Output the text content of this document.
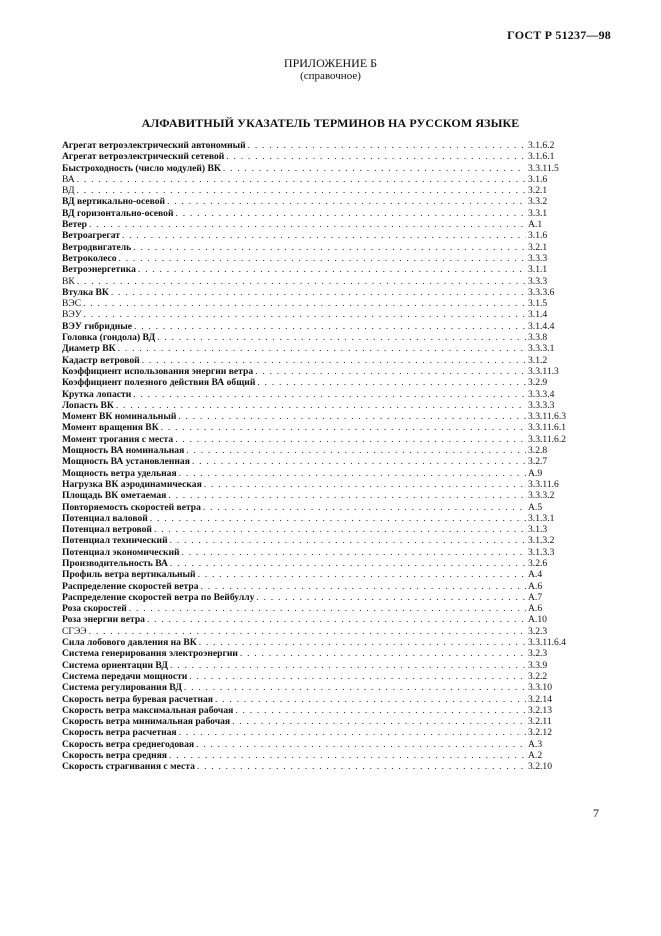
ГОСТ Р 51237—98
ПРИЛОЖЕНИЕ Б
(справочное)
АЛФАВИТНЫЙ УКАЗАТЕЛЬ ТЕРМИНОВ НА РУССКОМ ЯЗЫКЕ
Агрегат ветроэлектрический автономный . . .	3.1.6.2
Агрегат ветроэлектрический сетевой . . .	3.1.6.1
Быстроходность (число модулей) ВК . . .	3.3.11.5
ВА . . .	3.1.6
ВД . . .	3.2.1
ВД вертикально-осевой . . .	3.3.2
ВД горизонтально-осевой . . .	3.3.1
Ветер . . .	А.1
Ветроагрегат . . .	3.1.6
Ветродвигатель . . .	3.2.1
Ветроколесо . . .	3.3.3
Ветроэнергетика . . .	3.1.1
ВК . . .	3.3.3
Втулка ВК . . .	3.3.3.6
ВЭС . . .	3.1.5
ВЭУ . . .	3.1.4
ВЭУ гибридные . . .	3.1.4.4
Головка (гондола) ВД . . .	3.3.8
Диаметр ВК . . .	3.3.3.1
Кадастр ветровой . . .	3.1.2
Коэффициент использования энергии ветра . . .	3.3.11.3
Коэффициент полезного действия ВА общий . . .	3.2.9
Крутка лопасти . . .	3.3.3.4
Лопасть ВК . . .	3.3.3.3
Момент ВК номинальный . . .	3.3.11.6.3
Момент вращения ВК . . .	3.3.11.6.1
Момент трогания с места . . .	3.3.11.6.2
Мощность ВА номинальная . . .	3.2.8
Мощность ВА установленная . . .	3.2.7
Мощность ветра удельная . . .	А.9
Нагрузка ВК аэродинамическая . . .	3.3.11.6
Площадь ВК ометаемая . . .	3.3.3.2
Повторяемость скоростей ветра . . .	А.5
Потенциал валовой . . .	3.1.3.1
Потенциал ветровой . . .	3.1.3
Потенциал технический . . .	3.1.3.2
Потенциал экономический . . .	3.1.3.3
Производительность ВА . . .	3.2.6
Профиль ветра вертикальный . . .	А.4
Распределение скоростей ветра . . .	А.6
Распределение скоростей ветра по Вейбуллу . . .	А.7
Роза скоростей . . .	А.6
Роза энергии ветра . . .	А.10
СГЭЭ . . .	3.2.3
Сила лобового давления на ВК . . .	3.3.11.6.4
Система генерирования электроэнергии . . .	3.2.3
Система ориентации ВД . . .	3.3.9
Система передачи мощности . . .	3.2.2
Система регулирования ВД . . .	3.3.10
Скорость ветра буревая расчетная . . .	3.2.14
Скорость ветра максимальная рабочая . . .	3.2.13
Скорость ветра минимальная рабочая . . .	3.2.11
Скорость ветра расчетная . . .	3.2.12
Скорость ветра среднегодовая . . .	А.3
Скорость ветра средняя . . .	А.2
Скорость страгивания с места . . .	3.2.10
7
